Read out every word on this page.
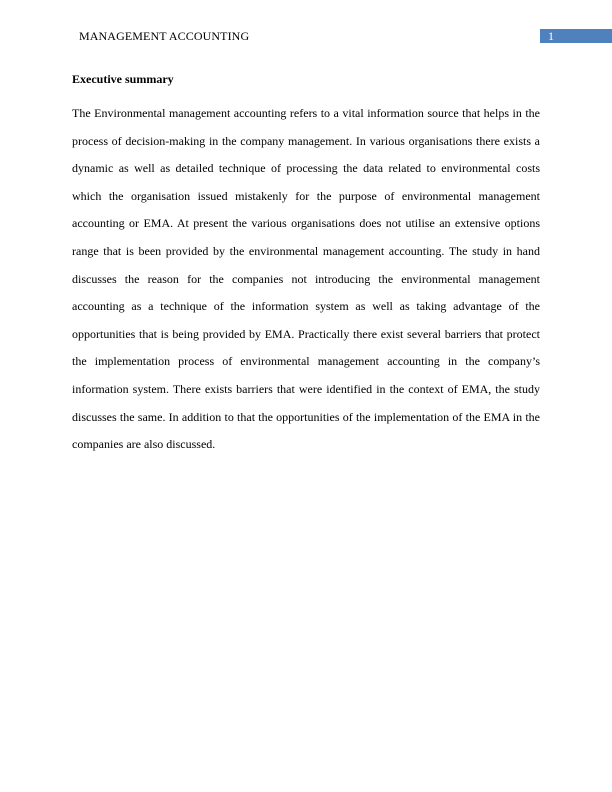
MANAGEMENT ACCOUNTING	1
Executive summary

The Environmental management accounting refers to a vital information source that helps in the process of decision-making in the company management. In various organisations there exists a dynamic as well as detailed technique of processing the data related to environmental costs which the organisation issued mistakenly for the purpose of environmental management accounting or EMA. At present the various organisations does not utilise an extensive options range that is been provided by the environmental management accounting. The study in hand discusses the reason for the companies not introducing the environmental management accounting as a technique of the information system as well as taking advantage of the opportunities that is being provided by EMA. Practically there exist several barriers that protect the implementation process of environmental management accounting in the company’s information system. There exists barriers that were identified in the context of EMA, the study discusses the same. In addition to that the opportunities of the implementation of the EMA in the companies are also discussed.
